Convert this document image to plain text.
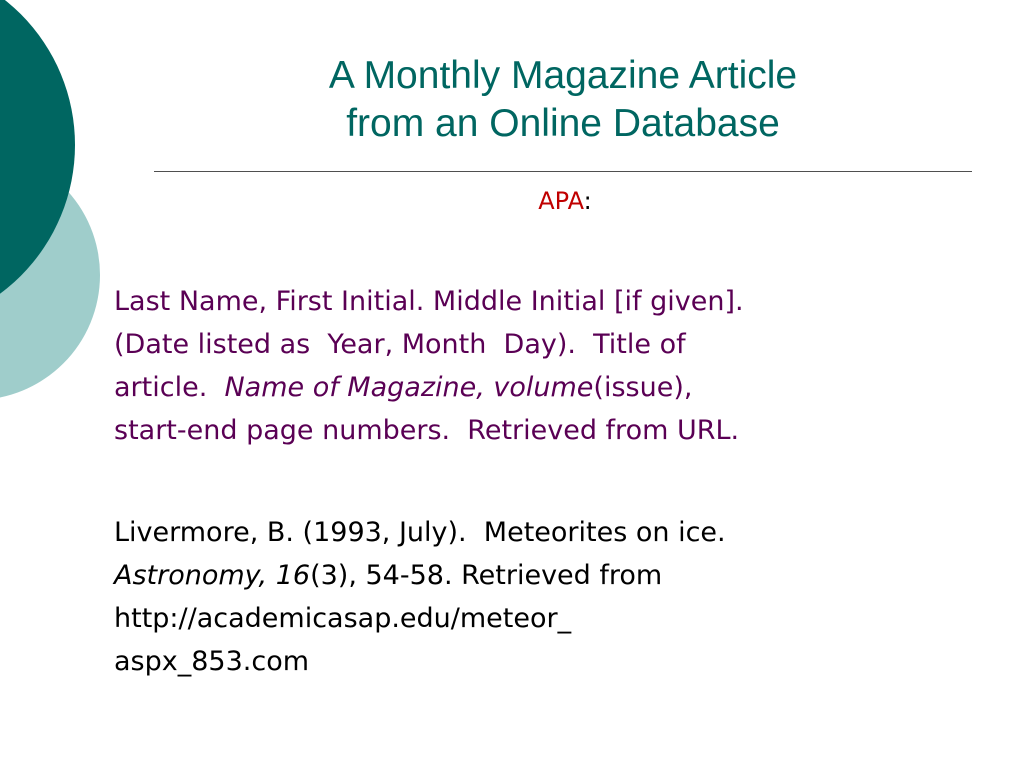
A Monthly Magazine Article
from an Online Database
APA:

Last Name, First Initial. Middle Initial [if given].
(Date listed as  Year, Month  Day).  Title of
article.  Name of Magazine, volume(issue),
start-end page numbers.  Retrieved from URL.

Livermore, B. (1993, July).  Meteorites on ice.
Astronomy, 16(3), 54-58. Retrieved from
http://academicasap.edu/meteor_
aspx_853.com
